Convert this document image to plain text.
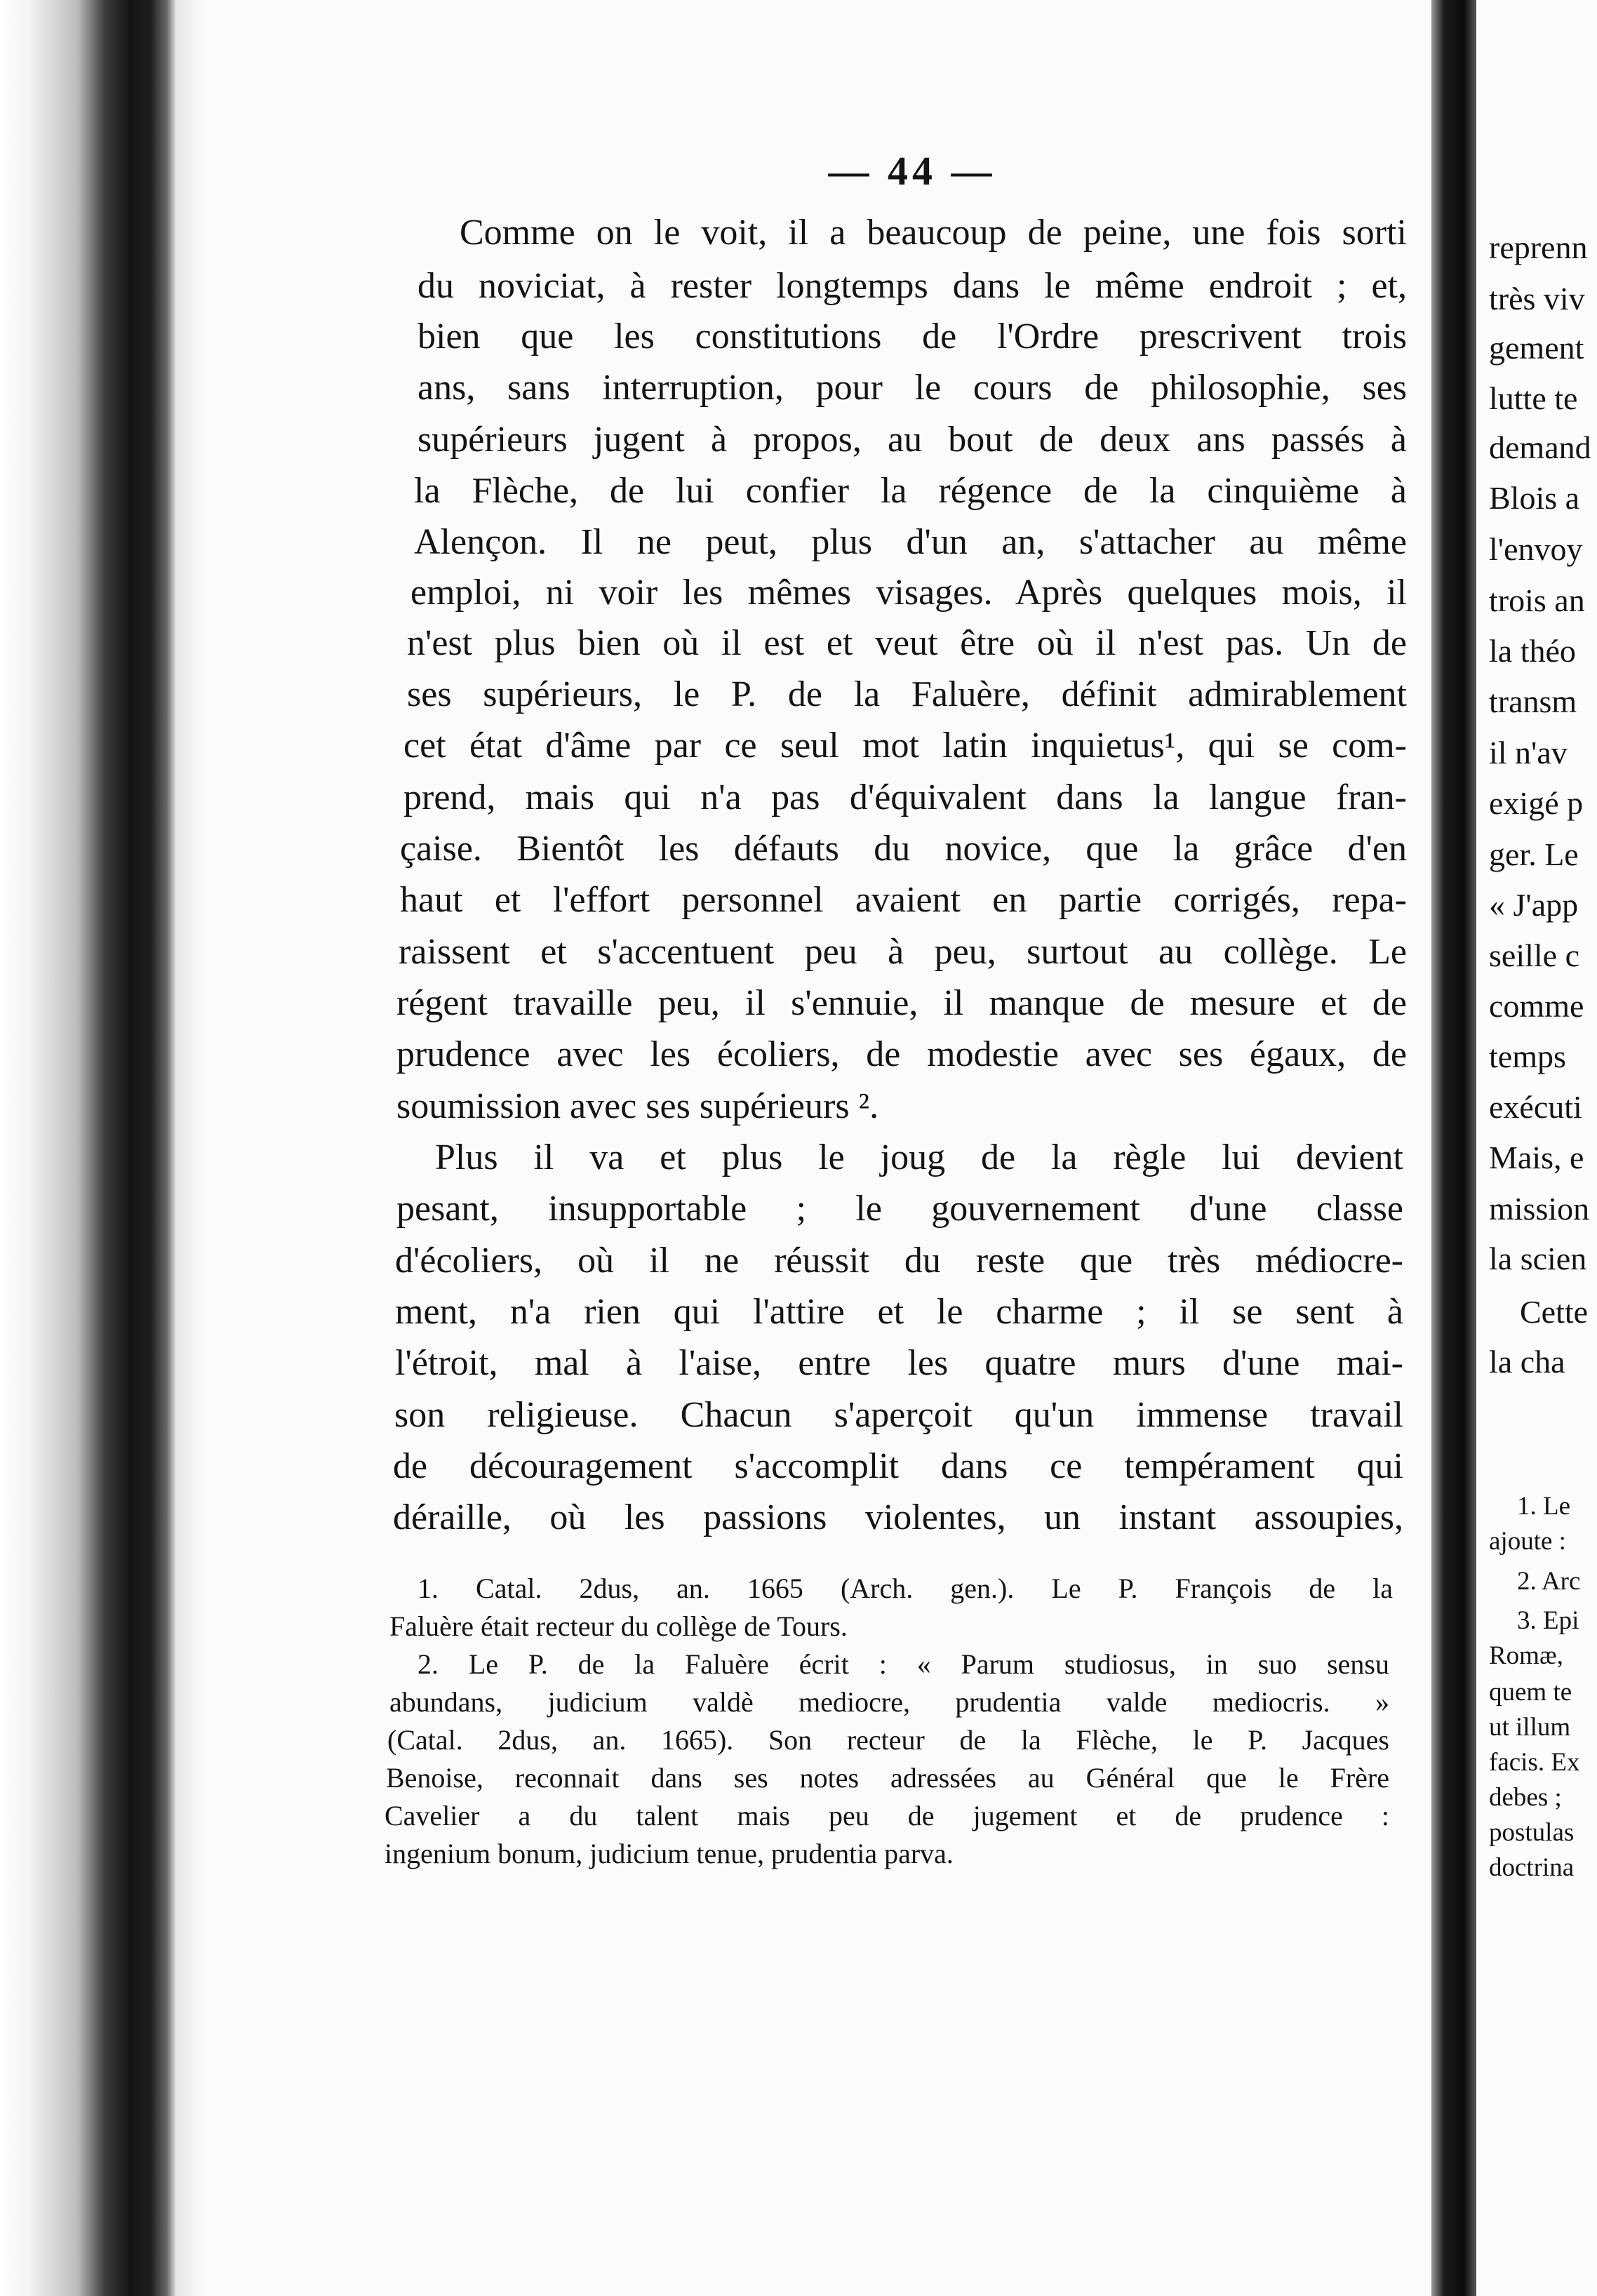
— 44 —
Comme on le voit, il a beaucoup de peine, une fois sorti
du noviciat, à rester longtemps dans le même endroit ; et,
bien que les constitutions de l'Ordre prescrivent trois
ans, sans interruption, pour le cours de philosophie, ses
supérieurs jugent à propos, au bout de deux ans passés à
la Flèche, de lui confier la régence de la cinquième à
Alençon. Il ne peut, plus d'un an, s'attacher au même
emploi, ni voir les mêmes visages. Après quelques mois, il
n'est plus bien où il est et veut être où il n'est pas. Un de
ses supérieurs, le P. de la Faluère, définit admirablement
cet état d'âme par ce seul mot latin inquietus¹, qui se com-
prend, mais qui n'a pas d'équivalent dans la langue fran-
çaise. Bientôt les défauts du novice, que la grâce d'en
haut et l'effort personnel avaient en partie corrigés, repa-
raissent et s'accentuent peu à peu, surtout au collège. Le
régent travaille peu, il s'ennuie, il manque de mesure et de
prudence avec les écoliers, de modestie avec ses égaux, de
soumission avec ses supérieurs ².
Plus il va et plus le joug de la règle lui devient
pesant, insupportable ; le gouvernement d'une classe
d'écoliers, où il ne réussit du reste que très médiocre-
ment, n'a rien qui l'attire et le charme ; il se sent à
l'étroit, mal à l'aise, entre les quatre murs d'une mai-
son religieuse. Chacun s'aperçoit qu'un immense travail
de découragement s'accomplit dans ce tempérament qui
déraille, où les passions violentes, un instant assoupies,
1. Catal. 2dus, an. 1665 (Arch. gen.). Le P. François de la
Faluère était recteur du collège de Tours.
2. Le P. de la Faluère écrit : « Parum studiosus, in suo sensu
abundans, judicium valdè mediocre, prudentia valde mediocris. »
(Catal. 2dus, an. 1665). Son recteur de la Flèche, le P. Jacques
Benoise, reconnait dans ses notes adressées au Général que le Frère
Cavelier a du talent mais peu de jugement et de prudence :
ingenium bonum, judicium tenue, prudentia parva.
reprenn
très viv
gement
lutte te
demand
Blois a
l'envoy
trois an
la théo
transm
il n'av
exigé p
ger. Le
« J'app
seille c
comme
temps
exécuti
Mais, e
mission
la scien
Cette
la cha
1. Le
ajoute :
2. Arc
3. Epi
Romæ,
quem te
ut illum
facis. Ex
debes ;
postulas
doctrina
